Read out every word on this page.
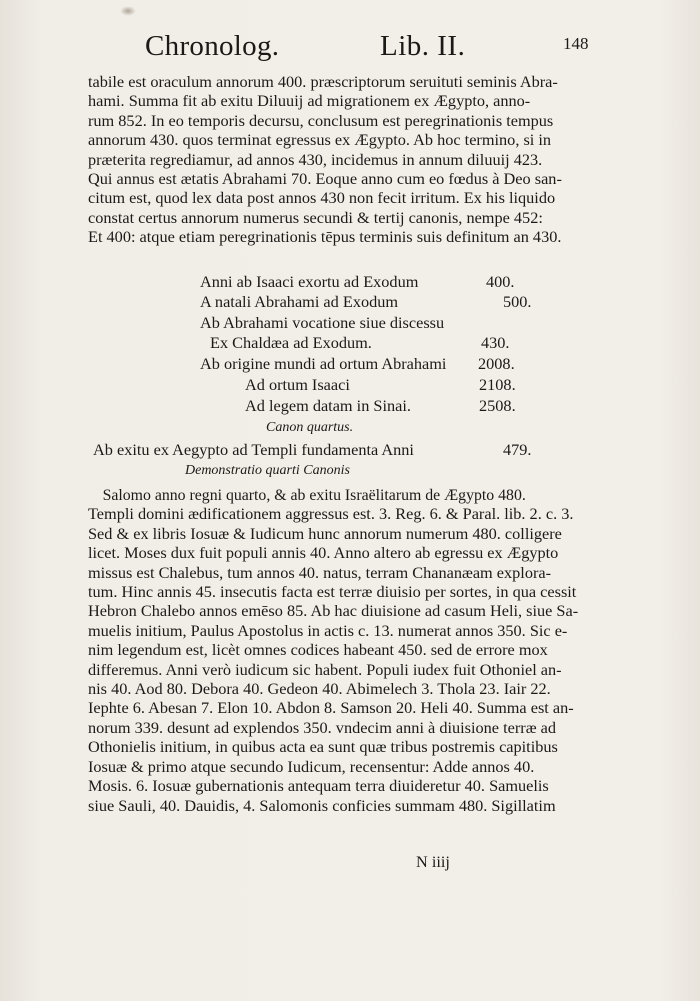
Chronolog.	Lib. II.	148

tabile est oraculum annorum 400. præscriptorum seruituti seminis Abra-
hami. Summa fit ab exitu Diluuij ad migrationem ex Ægypto, anno-
rum 852. In eo temporis decursu, conclusum est peregrinationis tempus
annorum 430. quos terminat egressus ex Ægypto. Ab hoc termino, si in
præterita regrediamur, ad annos 430, incidemus in annum diluuij 423.
Qui annus est ætatis Abrahami 70. Eoque anno cum eo fœdus à Deo san-
citum est, quod lex data post annos 430 non fecit irritum. Ex his liquido
constat certus annorum numerus secundi & tertij canonis, nempe 452:
Et 400: atque etiam peregrinationis tēpus terminis suis definitum an 430.

Anni ab Isaaci exortu ad Exodum	400.
A natali Abrahami ad Exodum	500.
Ab Abrahami vocatione siue discessu
Ex Chaldæa ad Exodum.	430.
Ab origine mundi ad ortum Abrahami 2008.
Ad ortum Isaaci	2108.
Ad legem datam in Sinai.	2508.
Canon quartus.
Ab exitu ex Aegypto ad Templi fundamenta Anni	479.
Demonstratio quarti Canonis

Salomo anno regni quarto, & ab exitu Israëlitarum de Ægypto 480.
Templi domini ædificationem aggressus est. 3. Reg. 6. & Paral. lib. 2. c. 3.
Sed & ex libris Iosuæ & Iudicum hunc annorum numerum 480. colligere
licet. Moses dux fuit populi annis 40. Anno altero ab egressu ex Ægypto
missus est Chalebus, tum annos 40. natus, terram Chananæam explora-
tum. Hinc annis 45. insecutis facta est terræ diuisio per sortes, in qua cessit
Hebron Chalebo annos emēso 85. Ab hac diuisione ad casum Heli, siue Sa-
muelis initium, Paulus Apostolus in actis c. 13. numerat annos 350. Sic e-
nim legendum est, licèt omnes codices habeant 450. sed de errore mox
differemus. Anni verò iudicum sic habent. Populi iudex fuit Othoniel an-
nis 40. Aod 80. Debora 40. Gedeon 40. Abimelech 3. Thola 23. Iair 22.
Iephte 6. Abesan 7. Elon 10. Abdon 8. Samson 20. Heli 40. Summa est an-
norum 339. desunt ad explendos 350. vndecim anni à diuisione terræ ad
Othonielis initium, in quibus acta ea sunt quæ tribus postremis capitibus
Iosuæ & primo atque secundo Iudicum, recensentur: Adde annos 40.
Mosis. 6. Iosuæ gubernationis antequam terra diuideretur 40. Samuelis
siue Sauli, 40. Dauidis, 4. Salomonis conficies summam 480. Sigillatim

N iiij
